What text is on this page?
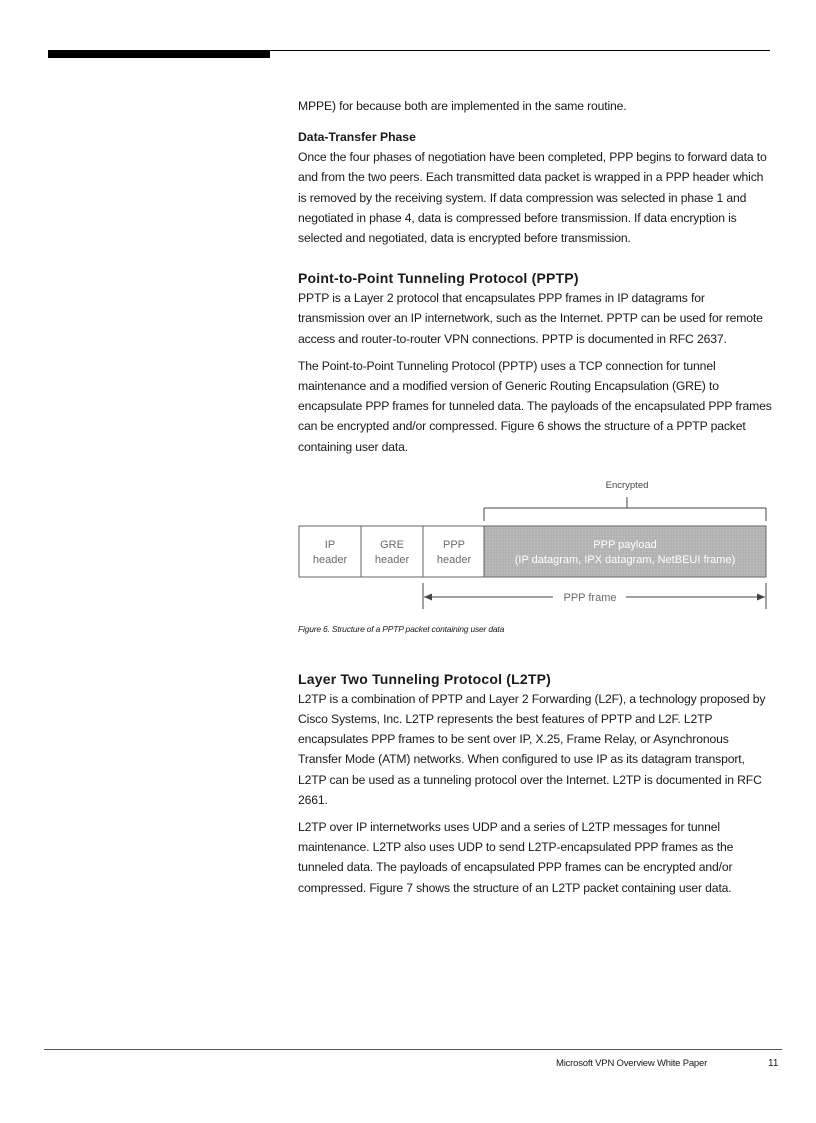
MPPE) for because both are implemented in the same routine.

Data-Transfer Phase

Once the four phases of negotiation have been completed, PPP begins to forward data to and from the two peers. Each transmitted data packet is wrapped in a PPP header which is removed by the receiving system. If data compression was selected in phase 1 and negotiated in phase 4, data is compressed before transmission. If data encryption is selected and negotiated, data is encrypted before transmission.

Point-to-Point Tunneling Protocol (PPTP)

PPTP is a Layer 2 protocol that encapsulates PPP frames in IP datagrams for transmission over an IP internetwork, such as the Internet. PPTP can be used for remote access and router-to-router VPN connections. PPTP is documented in RFC 2637.

The Point-to-Point Tunneling Protocol (PPTP) uses a TCP connection for tunnel maintenance and a modified version of Generic Routing Encapsulation (GRE) to encapsulate PPP frames for tunneled data. The payloads of the encapsulated PPP frames can be encrypted and/or compressed. Figure 6 shows the structure of a PPTP packet containing user data.

Encrypted
IP
header
GRE
header
PPP
header
PPP payload
(IP datagram, IPX datagram, NetBEUI frame)
PPP frame

Figure 6. Structure of a PPTP packet containing user data

Layer Two Tunneling Protocol (L2TP)

L2TP is a combination of PPTP and Layer 2 Forwarding (L2F), a technology proposed by Cisco Systems, Inc. L2TP represents the best features of PPTP and L2F. L2TP encapsulates PPP frames to be sent over IP, X.25, Frame Relay, or Asynchronous Transfer Mode (ATM) networks. When configured to use IP as its datagram transport, L2TP can be used as a tunneling protocol over the Internet. L2TP is documented in RFC 2661.

L2TP over IP internetworks uses UDP and a series of L2TP messages for tunnel maintenance. L2TP also uses UDP to send L2TP-encapsulated PPP frames as the tunneled data. The payloads of encapsulated PPP frames can be encrypted and/or compressed. Figure 7 shows the structure of an L2TP packet containing user data.

Microsoft VPN Overview White Paper	11
